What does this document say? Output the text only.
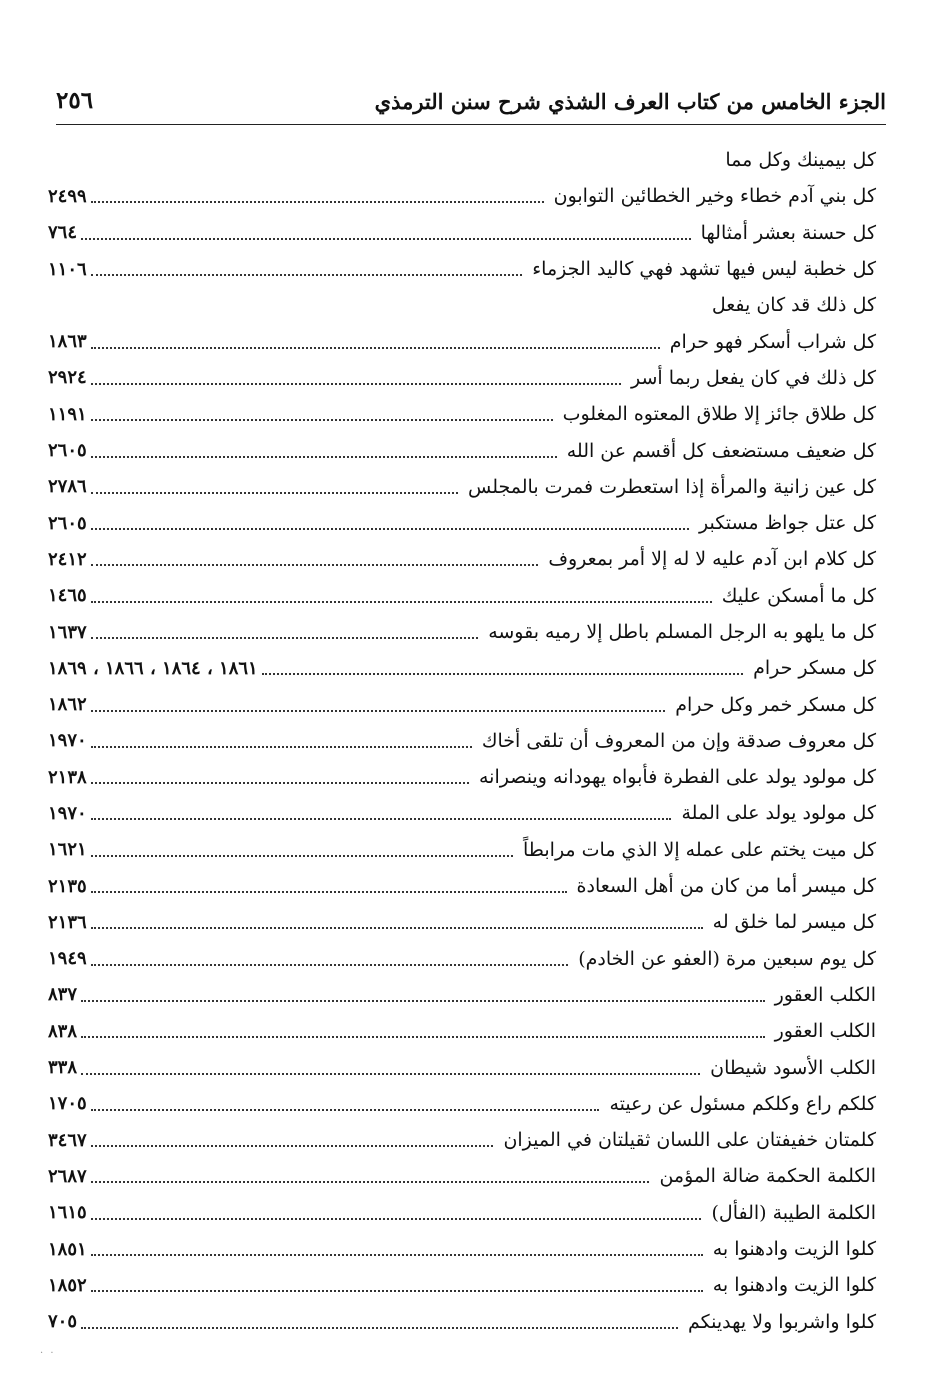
الجزء الخامس من كتاب العرف الشذي شرح سنن الترمذي
٢٥٦
كل بيمينك وكل مما
كل بني آدم خطاء وخير الخطائين التوابون
٢٤٩٩
كل حسنة بعشر أمثالها
٧٦٤
كل خطبة ليس فيها تشهد فهي كاليد الجزماء
١١٠٦
كل ذلك قد كان يفعل
كل شراب أسكر فهو حرام
١٨٦٣
كل ذلك في كان يفعل ربما أسر
٢٩٢٤
كل طلاق جائز إلا طلاق المعتوه المغلوب
١١٩١
كل ضعيف مستضعف كل أقسم عن الله
٢٦٠٥
كل عين زانية والمرأة إذا استعطرت فمرت بالمجلس
٢٧٨٦
كل عتل جواظ مستكبر
٢٦٠٥
كل كلام ابن آدم عليه لا له إلا أمر بمعروف
٢٤١٢
كل ما أمسكن عليك
١٤٦٥
كل ما يلهو به الرجل المسلم باطل إلا رميه بقوسه
١٦٣٧
كل مسكر حرام
١٨٦١ ، ١٨٦٤ ، ١٨٦٦ ، ١٨٦٩
كل مسكر خمر وكل حرام
١٨٦٢
كل معروف صدقة وإن من المعروف أن تلقى أخاك
١٩٧٠
كل مولود يولد على الفطرة فأبواه يهودانه وينصرانه
٢١٣٨
كل مولود يولد على الملة
١٩٧٠
كل ميت يختم على عمله إلا الذي مات مرابطاً
١٦٢١
كل ميسر أما من كان من أهل السعادة
٢١٣٥
كل ميسر لما خلق له
٢١٣٦
كل يوم سبعين مرة (العفو عن الخادم)
١٩٤٩
الكلب العقور
٨٣٧
الكلب العقور
٨٣٨
الكلب الأسود شيطان
٣٣٨
كلكم راع وكلكم مسئول عن رعيته
١٧٠٥
كلمتان خفيفتان على اللسان ثقيلتان في الميزان
٣٤٦٧
الكلمة الحكمة ضالة المؤمن
٢٦٨٧
الكلمة الطيبة (الفأل)
١٦١٥
كلوا الزيت وادهنوا به
١٨٥١
كلوا الزيت وادهنوا به
١٨٥٢
كلوا واشربوا ولا يهدينكم
٧٠٥
· ·
